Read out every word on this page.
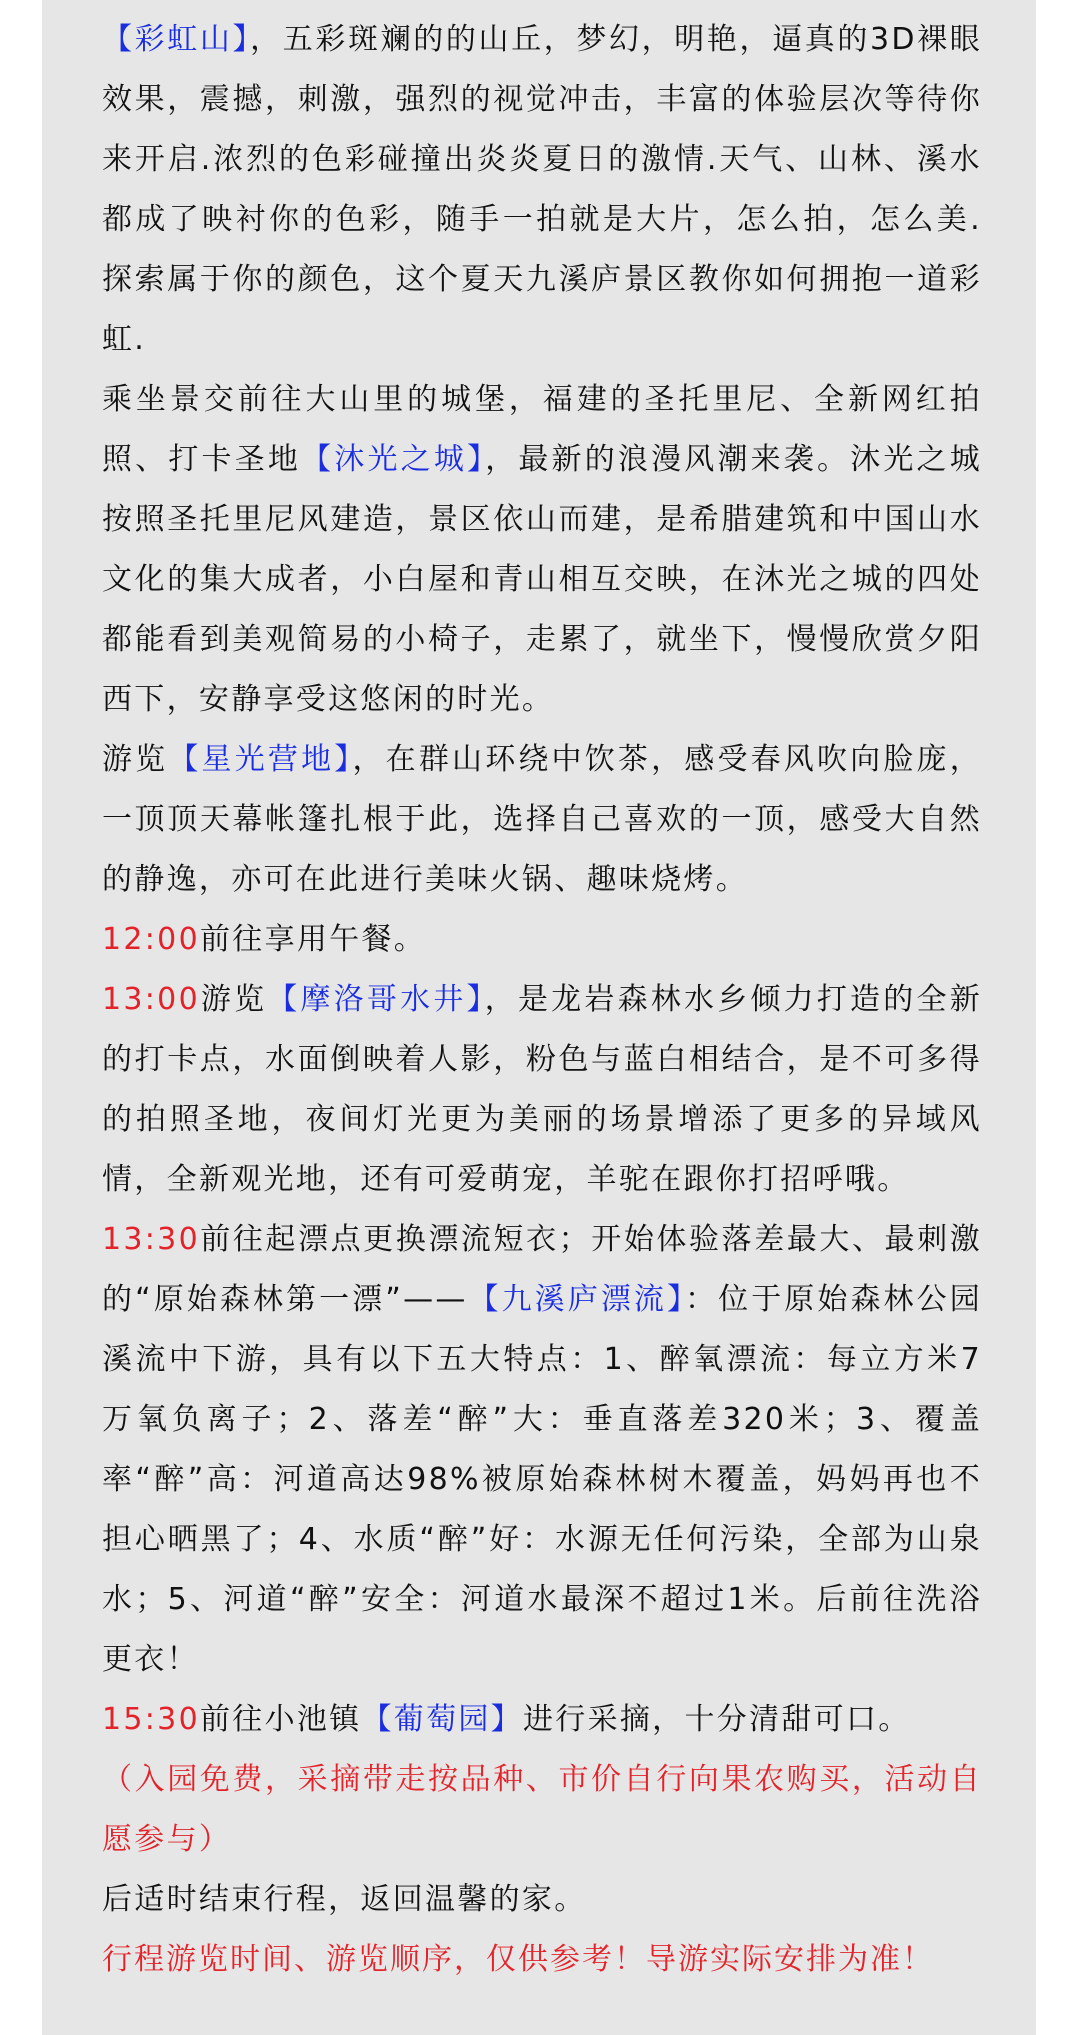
【彩虹山】，五彩斑斓的的山丘，梦幻，明艳，逼真的3D裸眼效果，震撼，刺激，强烈的视觉冲击，丰富的体验层次等待你来开启.浓烈的色彩碰撞出炎炎夏日的激情.天气、山林、溪水都成了映衬你的色彩，随手一拍就是大片，怎么拍，怎么美.探索属于你的颜色，这个夏天九溪庐景区教你如何拥抱一道彩虹.

乘坐景交前往大山里的城堡，福建的圣托里尼、全新网红拍照、打卡圣地【沐光之城】，最新的浪漫风潮来袭。沐光之城按照圣托里尼风建造，景区依山而建，是希腊建筑和中国山水文化的集大成者，小白屋和青山相互交映，在沐光之城的四处都能看到美观简易的小椅子，走累了，就坐下，慢慢欣赏夕阳西下，安静享受这悠闲的时光。

游览【星光营地】，在群山环绕中饮茶，感受春风吹向脸庞，一顶顶天幕帐篷扎根于此，选择自己喜欢的一顶，感受大自然的静逸，亦可在此进行美味火锅、趣味烧烤。

12:00前往享用午餐。

13:00游览【摩洛哥水井】，是龙岩森林水乡倾力打造的全新的打卡点，水面倒映着人影，粉色与蓝白相结合，是不可多得的拍照圣地，夜间灯光更为美丽的场景增添了更多的异域风情，全新观光地，还有可爱萌宠，羊驼在跟你打招呼哦。

13:30前往起漂点更换漂流短衣；开始体验落差最大、最刺激的“原始森林第一漂”——【九溪庐漂流】：位于原始森林公园溪流中下游，具有以下五大特点：1、醉氧漂流：每立方米7万氧负离子；2、落差“醉”大：垂直落差320米；3、覆盖率“醉”高：河道高达98%被原始森林树木覆盖，妈妈再也不担心晒黑了；4、水质“醉”好：水源无任何污染，全部为山泉水；5、河道“醉”安全：河道水最深不超过1米。后前往洗浴更衣！

15:30前往小池镇【葡萄园】进行采摘，十分清甜可口。

（入园免费，采摘带走按品种、市价自行向果农购买，活动自愿参与）

后适时结束行程，返回温馨的家。

行程游览时间、游览顺序，仅供参考！导游实际安排为准！
